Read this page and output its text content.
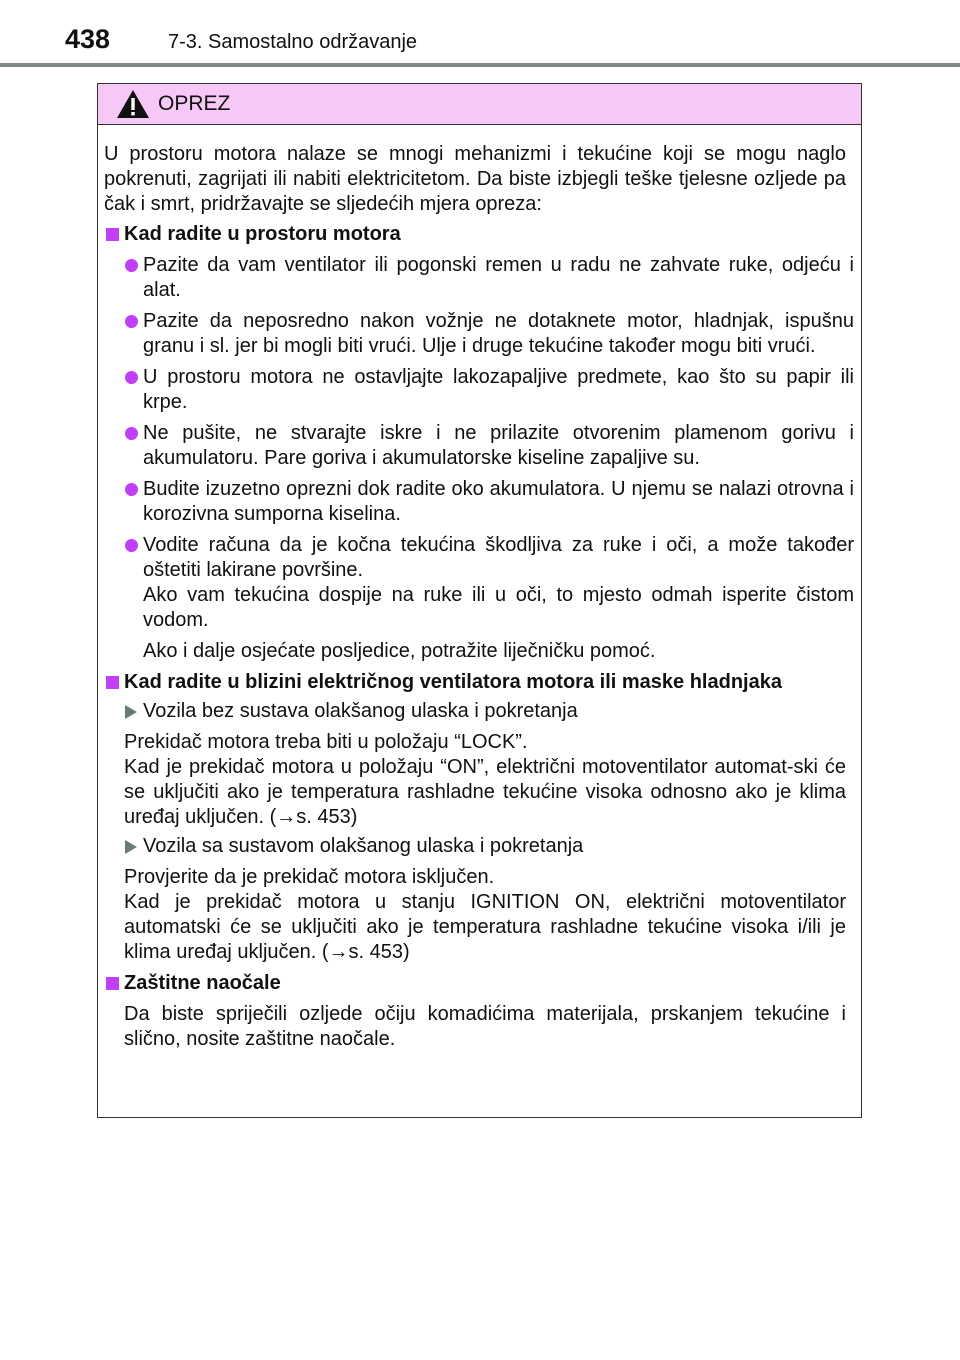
438	7-3. Samostalno održavanje
OPREZ

U prostoru motora nalaze se mnogi mehanizmi i tekućine koji se mogu naglo pokrenuti, zagrijati ili nabiti elektricitetom. Da biste izbjegli teške tjelesne ozljede pa čak i smrt, pridržavajte se sljedećih mjera opreza:

Kad radite u prostoru motora

Pazite da vam ventilator ili pogonski remen u radu ne zahvate ruke, odjeću i alat.

Pazite da neposredno nakon vožnje ne dotaknete motor, hladnjak, ispušnu granu i sl. jer bi mogli biti vrući. Ulje i druge tekućine također mogu biti vrući.

U prostoru motora ne ostavljajte lakozapaljive predmete, kao što su papir ili krpe.

Ne pušite, ne stvarajte iskre i ne prilazite otvorenim plamenom gorivu i akumulatoru. Pare goriva i akumulatorske kiseline zapaljive su.

Budite izuzetno oprezni dok radite oko akumulatora. U njemu se nalazi otrovna i korozivna sumporna kiselina.

Vodite računa da je kočna tekućina škodljiva za ruke i oči, a može također oštetiti lakirane površine.

Ako vam tekućina dospije na ruke ili u oči, to mjesto odmah isperite čistom vodom.

Ako i dalje osjećate posljedice, potražite liječničku pomoć.

Kad radite u blizini električnog ventilatora motora ili maske hladnjaka

Vozila bez sustava olakšanog ulaska i pokretanja

Prekidač motora treba biti u položaju “LOCK”.

Kad je prekidač motora u položaju “ON”, električni motoventilator automat-ski će se uključiti ako je temperatura rashladne tekućine visoka odnosno ako je klima uređaj uključen. (→s. 453)

Vozila sa sustavom olakšanog ulaska i pokretanja

Provjerite da je prekidač motora isključen.

Kad je prekidač motora u stanju IGNITION ON, električni motoventilator automatski će se uključiti ako je temperatura rashladne tekućine visoka i/ili je klima uređaj uključen. (→s. 453)

Zaštitne naočale

Da biste spriječili ozljede očiju komadićima materijala, prskanjem tekućine i slično, nosite zaštitne naočale.
